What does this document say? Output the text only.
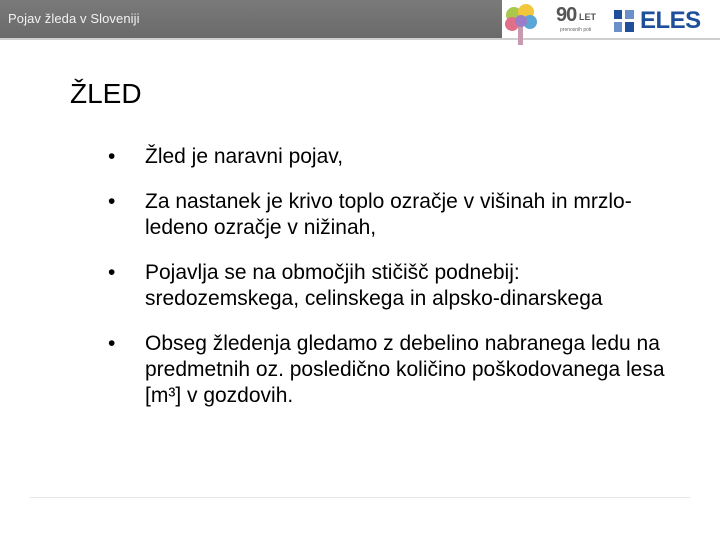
Pojav žleda v Sloveniji	90 LET
prenosnih poti ELES
ŽLED
• Žled je naravni pojav,
• Za nastanek je krivo toplo ozračje v višinah in mrzlo-ledeno ozračje v nižinah,
• Pojavlja se na območjih stičišč podnebij: sredozemskega, celinskega in alpsko-dinarskega
• Obseg žledenja gledamo z debelino nabranega ledu na predmetnih oz. posledično količino poškodovanega lesa [m³] v gozdovih.
